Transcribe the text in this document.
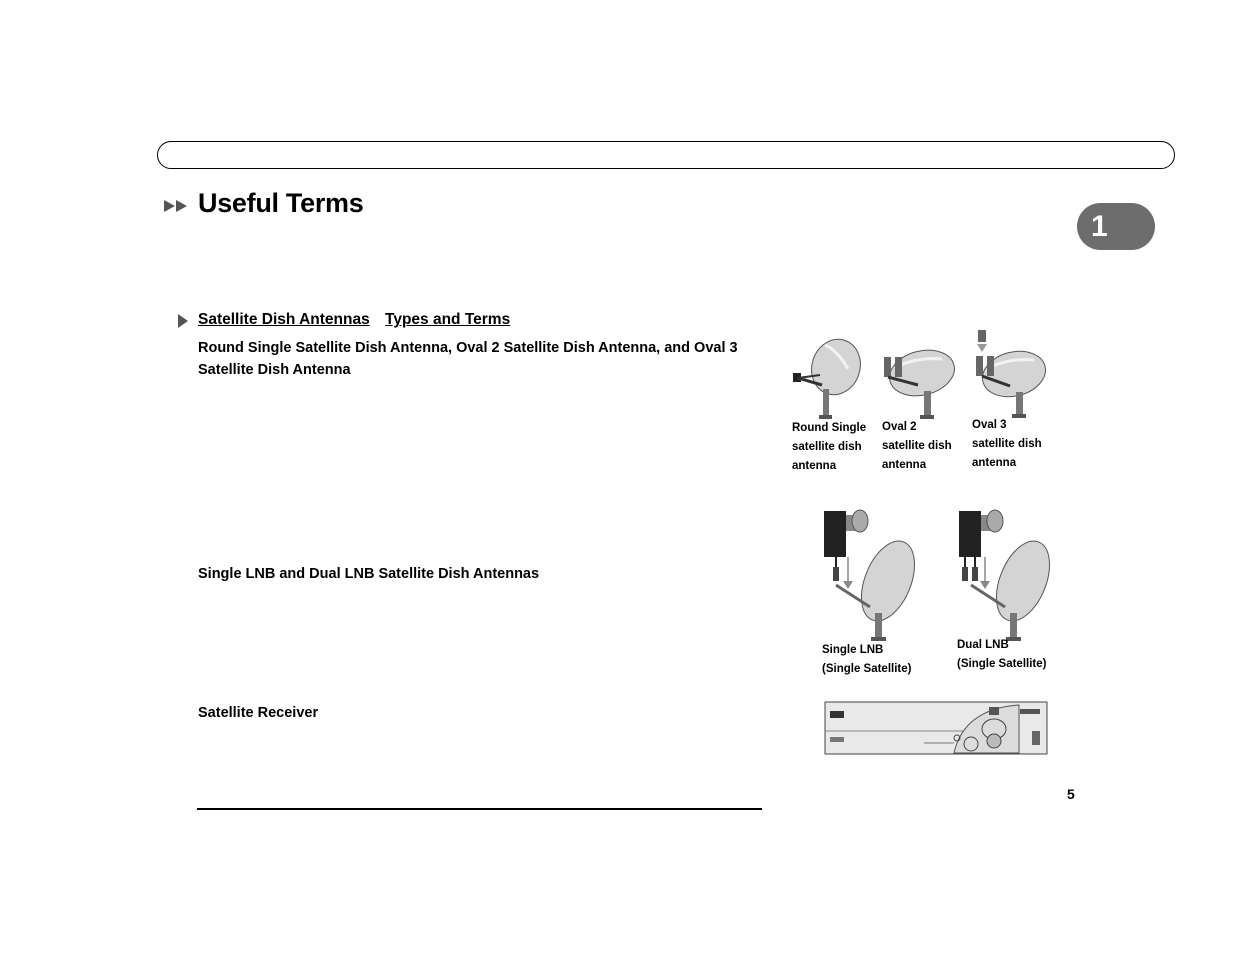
Useful Terms
1
Satellite Dish Antennas Types and Terms
Round Single Satellite Dish Antenna, Oval 2 Satellite Dish Antenna, and Oval 3 Satellite Dish Antenna
Single LNB and Dual LNB Satellite Dish Antennas
Satellite Receiver
Round Single
satellite dish
antenna
Oval 2
satellite dish
antenna
Oval 3
satellite dish
antenna
Single LNB
(Single Satellite)
Dual LNB
(Single Satellite)
5
